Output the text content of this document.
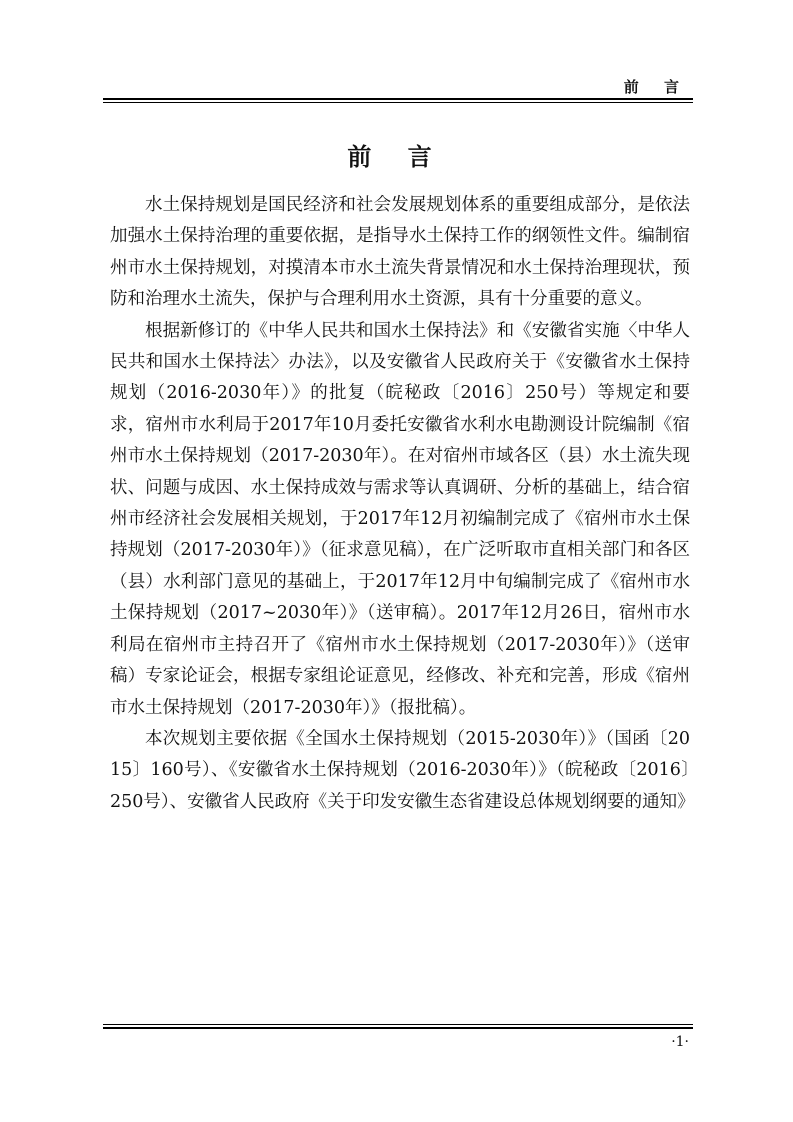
前 言
前 言

水土保持规划是国民经济和社会发展规划体系的重要组成部分，是依法加强水土保持治理的重要依据，是指导水土保持工作的纲领性文件。编制宿州市水土保持规划，对摸清本市水土流失背景情况和水土保持治理现状，预防和治理水土流失，保护与合理利用水土资源，具有十分重要的意义。

根据新修订的《中华人民共和国水土保持法》和《安徽省实施〈中华人民共和国水土保持法〉办法》，以及安徽省人民政府关于《安徽省水土保持规划（2016-2030年）》的批复（皖秘政〔2016〕250号）等规定和要求，宿州市水利局于2017年10月委托安徽省水利水电勘测设计院编制《宿州市水土保持规划（2017-2030年）。在对宿州市域各区（县）水土流失现状、问题与成因、水土保持成效与需求等认真调研、分析的基础上，结合宿州市经济社会发展相关规划，于2017年12月初编制完成了《宿州市水土保持规划（2017-2030年）》（征求意见稿），在广泛听取市直相关部门和各区（县）水利部门意见的基础上，于2017年12月中旬编制完成了《宿州市水土保持规划（2017~2030年）》（送审稿）。2017年12月26日，宿州市水利局在宿州市主持召开了《宿州市水土保持规划（2017-2030年）》（送审稿）专家论证会，根据专家组论证意见，经修改、补充和完善，形成《宿州市水土保持规划（2017-2030年）》（报批稿）。

本次规划主要依据《全国水土保持规划（2015-2030年）》（国函〔2015〕160号）、《安徽省水土保持规划（2016-2030年）》（皖秘政〔2016〕250号）、安徽省人民政府《关于印发安徽生态省建设总体规划纲要的通知》

·1·
